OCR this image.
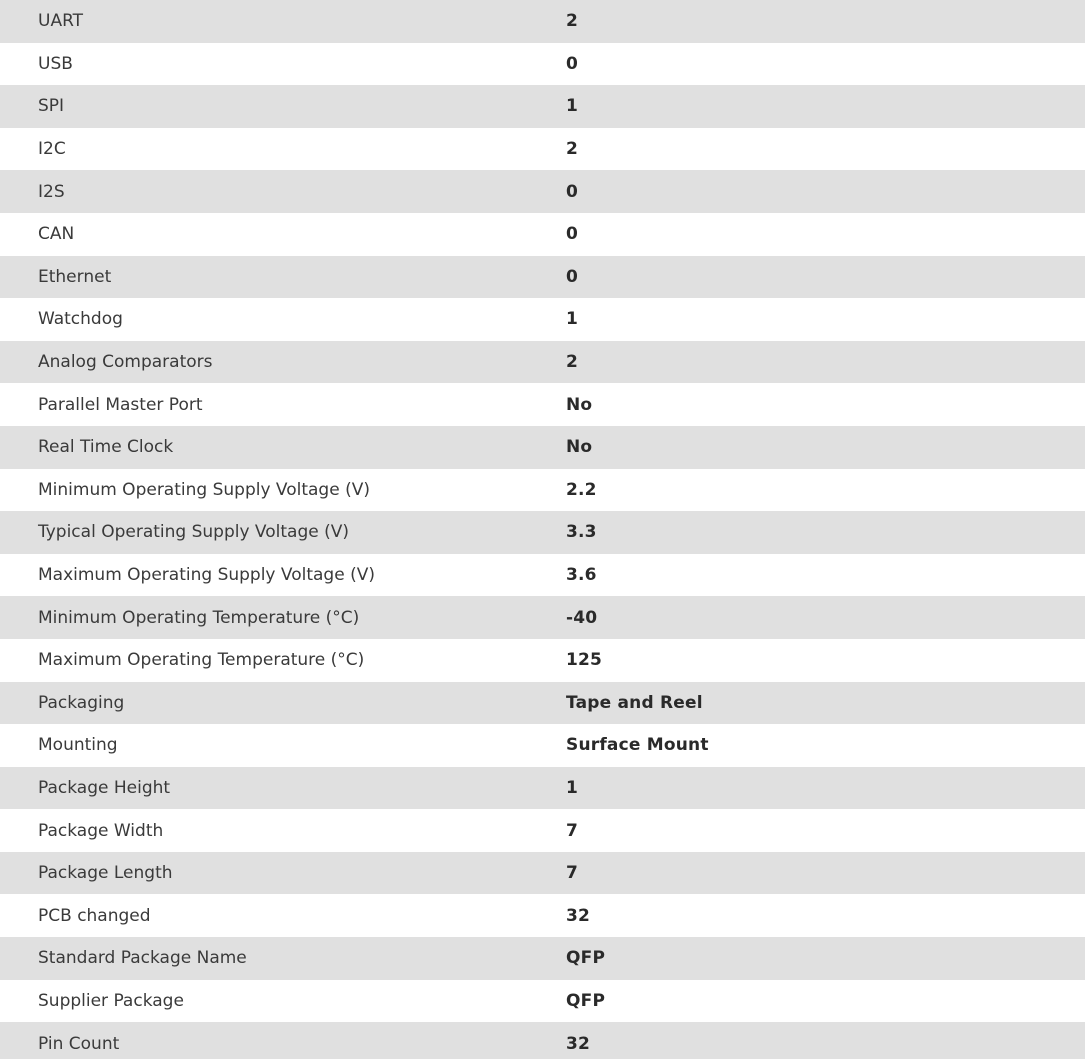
UART	2
USB	0
SPI	1
I2C	2
I2S	0
CAN	0
Ethernet	0
Watchdog	1
Analog Comparators	2
Parallel Master Port	No
Real Time Clock	No
Minimum Operating Supply Voltage (V)	2.2
Typical Operating Supply Voltage (V)	3.3
Maximum Operating Supply Voltage (V)	3.6
Minimum Operating Temperature (°C)	-40
Maximum Operating Temperature (°C)	125
Packaging	Tape and Reel
Mounting	Surface Mount
Package Height	1
Package Width	7
Package Length	7
PCB changed	32
Standard Package Name	QFP
Supplier Package	QFP
Pin Count	32
